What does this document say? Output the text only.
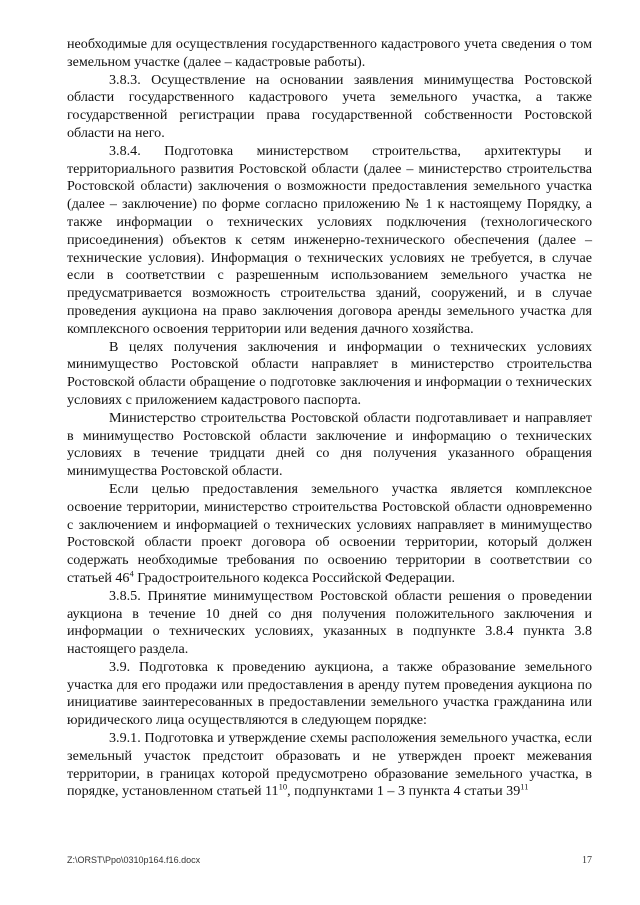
необходимые для осуществления государственного кадастрового учета сведения о том земельном участке (далее – кадастровые работы).

3.8.3. Осуществление на основании заявления минимущества Ростовской области государственного кадастрового учета земельного участка, а также государственной регистрации права государственной собственности Ростовской области на него.

3.8.4. Подготовка министерством строительства, архитектуры и территориального развития Ростовской области (далее – министерство строительства Ростовской области) заключения о возможности предоставления земельного участка (далее – заключение) по форме согласно приложению № 1 к настоящему Порядку, а также информации о технических условиях подключения (технологического присоединения) объектов к сетям инженерно-технического обеспечения (далее – технические условия). Информация о технических условиях не требуется, в случае если в соответствии с разрешенным использованием земельного участка не предусматривается возможность строительства зданий, сооружений, и в случае проведения аукциона на право заключения договора аренды земельного участка для комплексного освоения территории или ведения дачного хозяйства.

В целях получения заключения и информации о технических условиях минимущество Ростовской области направляет в министерство строительства Ростовской области обращение о подготовке заключения и информации о технических условиях с приложением кадастрового паспорта.

Министерство строительства Ростовской области подготавливает и направляет в минимущество Ростовской области заключение и информацию о технических условиях в течение тридцати дней со дня получения указанного обращения минимущества Ростовской области.

Если целью предоставления земельного участка является комплексное освоение территории, министерство строительства Ростовской области одновременно с заключением и информацией о технических условиях направляет в минимущество Ростовской области проект договора об освоении территории, который должен содержать необходимые требования по освоению территории в соответствии со статьей $46^4$ Градостроительного кодекса Российской Федерации.

3.8.5. Принятие минимуществом Ростовской области решения о проведении аукциона в течение 10 дней со дня получения положительного заключения и информации о технических условиях, указанных в подпункте 3.8.4 пункта 3.8 настоящего раздела.

3.9. Подготовка к проведению аукциона, а также образование земельного участка для его продажи или предоставления в аренду путем проведения аукциона по инициативе заинтересованных в предоставлении земельного участка гражданина или юридического лица осуществляются в следующем порядке:

3.9.1. Подготовка и утверждение схемы расположения земельного участка, если земельный участок предстоит образовать и не утвержден проект межевания территории, в границах которой предусмотрено образование земельного участка, в порядке, установленном статьей $11^{10}$, подпунктами 1 – 3 пункта 4 статьи $39^{11}$

Z:\ORST\Ppo\0310p164.f16.docx	17
